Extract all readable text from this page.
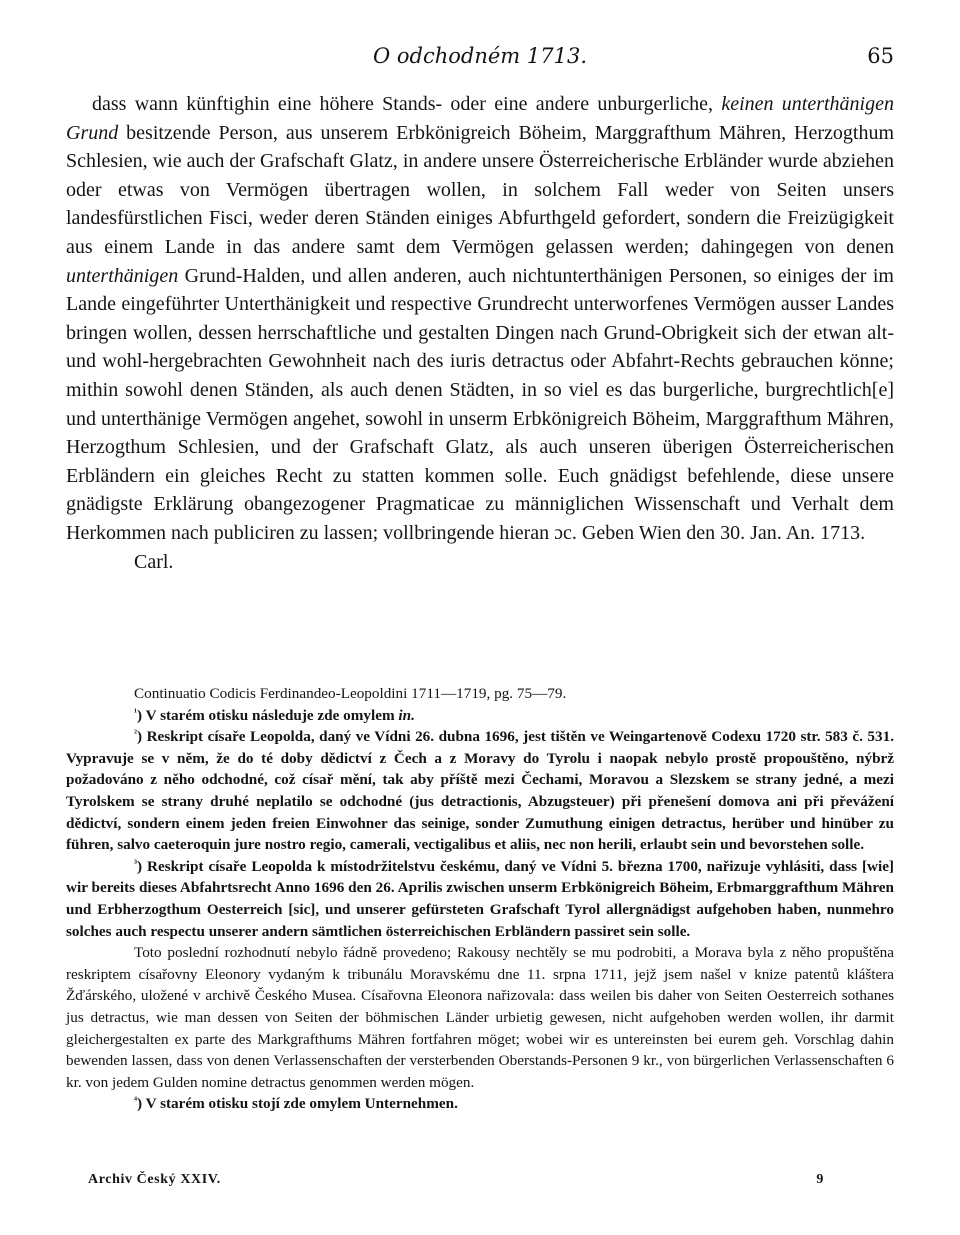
O odchodném 1713.	65

dass wann künftighin eine höhere Stands- oder eine andere unburgerliche, keinen unterthänigen Grund besitzende Person, aus unserem Erbkönigreich Böheim, Marggrafthum Mähren, Herzogthum Schlesien, wie auch der Grafschaft Glatz, in andere unsere Österreicherische Erbländer wurde abziehen oder etwas von Vermögen übertragen wollen, in solchem Fall weder von Seiten unsers landesfürstlichen Fisci, weder deren Ständen einiges Abfurthgeld gefordert, sondern die Freizügigkeit aus einem Lande in das andere samt dem Vermögen gelassen werden; dahingegen von denen unterthänigen Grund-Halden, und allen anderen, auch nichtunterthänigen Personen, so einiges der im Lande eingeführter Unterthänigkeit und respective Grundrecht unterworfenes Vermögen ausser Landes bringen wollen, dessen herrschaftliche und gestalten Dingen nach Grund-Obrigkeit sich der etwan alt- und wohl-hergebrachten Gewohnheit nach des iuris detractus oder Abfahrt-Rechts gebrauchen könne; mithin sowohl denen Ständen, als auch denen Städten, in so viel es das burgerliche, burgrechtlich[e] und unterthänige Vermögen angehet, sowohl in unserm Erbkönigreich Böheim, Marggrafthum Mähren, Herzogthum Schlesien, und der Grafschaft Glatz, als auch unseren überigen Österreicherischen Erbländern ein gleiches Recht zu statten kommen solle. Euch gnädigst befehlende, diese unsere gnädigste Erklärung obangezogener Pragmaticae zu männiglichen Wissenschaft und Verhalt dem Herkommen nach publiciren zu lassen; vollbringende hieran ɔc. Geben Wien den 30. Jan. An. 1713.

Carl.

Continuatio Codicis Ferdinandeo-Leopoldini 1711—1719, pg. 75—79.

$^{^1}$) V starém otisku následuje zde omylem in.

$^{^2}$) Reskript císaře Leopolda, daný ve Vídni 26. dubna 1696, jest tištěn ve Weingartenově Codexu 1720 str. 583 č. 531. Vypravuje se v něm, že do té doby dědictví z Čech a z Moravy do Tyrolu i naopak nebylo prostě propouštěno, nýbrž požadováno z něho odchodné, což císař mění, tak aby příště mezi Čechami, Moravou a Slezskem se strany jedné, a mezi Tyrolskem se strany druhé neplatilo se odchodné (jus detractionis, Abzugsteuer) při přenešení domova ani při převážení dědictví, sondern einem jeden freien Einwohner das seinige, sonder Zumuthung einigen detractus, herüber und hinüber zu führen, salvo caeteroquin jure nostro regio, camerali, vectigalibus et aliis, nec non herili, erlaubt sein und bevorstehen solle.

$^{^3}$) Reskript císaře Leopolda k místodržitelstvu českému, daný ve Vídni 5. března 1700, nařizuje vyhlásiti, dass [wie] wir bereits dieses Abfahrtsrecht Anno 1696 den 26. Aprilis zwischen unserm Erbkönigreich Böheim, Erbmarggrafthum Mähren und Erbherzogthum Oesterreich [sic], und unserer gefürsteten Grafschaft Tyrol allergnädigst aufgehoben haben, nunmehro solches auch respectu unserer andern sämtlichen österreichischen Erbländern passiret sein solle.

Toto poslední rozhodnutí nebylo řádně provedeno; Rakousy nechtěly se mu podrobiti, a Morava byla z něho propuštěna reskriptem císařovny Eleonory vydaným k tribunálu Moravskému dne 11. srpna 1711, jejž jsem našel v knize patentů kláštera Žďárského, uložené v archivě Českého Musea. Císařovna Eleonora nařizovala: dass weilen bis daher von Seiten Oesterreich sothanes jus detractus, wie man dessen von Seiten der böhmischen Länder urbietig gewesen, nicht aufgehoben werden wollen, ihr darmit gleichergestalten ex parte des Markgrafthums Mähren fortfahren möget; wobei wir es untereinsten bei eurem geh. Vorschlag dahin bewenden lassen, dass von denen Verlassenschaften der versterbenden Oberstands-Personen 9 kr., von bürgerlichen Verlassenschaften 6 kr. von jedem Gulden nomine detractus genommen werden mögen.

$^{^4}$) V starém otisku stojí zde omylem Unternehmen.

Archiv Český XXIV.	9
